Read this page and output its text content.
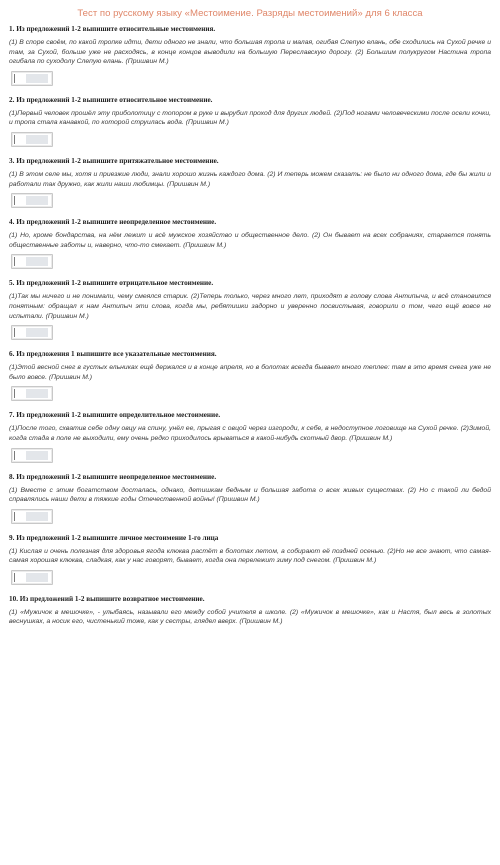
Тест по русскому языку «Местоимение. Разряды местоимений» для 6 класса
1. Из предложений 1-2 выпишите относительные местоимения.
(1) В споре своём, по какой тропке идти, дети одного не знали, что большая тропа и малая, огибая Слепую елань, обе сходились на Сухой речке и там, за Сухой, больше уже не расходясь, в конце концов выводили на большую Переславскую дорогу. (2) Большим полукругом Настина тропа огибала по суходолу Слепую елань. (Пришвин М.)
2. Из предложений 1-2 выпишите относительное местоимение.
(1)Первый человек прошёл эту приболотицу с топором в руке и вырубил проход для других людей. (2)Под ногами человеческими после осели кочки, и тропа стала канавкой, по которой струилась вода. (Пришвин М.)
3. Из предложений 1-2 выпишите притяжательное местоимение.
(1) В этом селе мы, хотя и приезжие люди, знали хорошо жизнь каждого дома. (2) И теперь можем сказать: не было ни одного дома, где бы жили и работали так дружно, как жили наши любимцы. (Пришвин М.)
4. Из предложений 1-2 выпишите неопределенное местоимение.
(1) Но, кроме бондарства, на нём лежит и всё мужское хозяйство и общественное дело. (2) Он бывает на всех собраниях, старается понять общественные заботы и, наверно, что-то смекает. (Пришвин М.)
5. Из предложений 1-2 выпишите отрицательное местоимение.
(1)Так мы ничего и не понимали, чему смеялся старик. (2)Теперь только, через много лет, приходят в голову слова Антипыча, и всё становится понятным: обращал к нам Антипыч эти слова, когда мы, ребятишки задорно и уверенно посвистывая, говорили о том, чего ещё вовсе не испытали. (Пришвин М.)
6. Из предложения 1 выпишите все указательные местоимения.
(1)Этой весной снег в густых ельниках ещё держался и в конце апреля, но в болотах всегда бывает много теплее: там в это время снега уже не было вовсе. (Пришвин М.)
7. Из предложений 1-2 выпишите определительное местоимение.
(1)После того, схватив себе одну овцу на спину, унёл ее, прыгая с овцой через изгороди, к себе, в недоступное логовище на Сухой речке. (2)Зимой, когда стада в поле не выходили, ему очень редко приходилось врываться в какой-нибудь скотный двор. (Пришвин М.)
8. Из предложений 1-2 выпишите неопределенное местоимение.
(1) Вместе с этим богатством досталась, однако, детишкам бедным и большая забота о всех живых существах. (2) Но с такой ли бедой справлялись наши дети в тяжкие годы Отечественной войны! (Пришвин М.)
9. Из предложений 1-2 выпишите личное местоимение 1-го лица
(1) Кислая и очень полезная для здоровья ягода клюква растёт в болотах летом, а собирают её поздней осенью. (2)Но не все знают, что самая-самая хорошая клюква, сладкая, как у нас говорят, бывает, когда она перележит зиму под снегом. (Пришвин М.)
10. Из предложений 1-2 выпишите возвратное местоимение.
(1) «Мужичок в мешочке», - улыбаясь, называли его между собой учителя в школе. (2) «Мужичок в мешочке», как и Настя, был весь в золотых веснушках, а носик его, чистенький тоже, как у сестры, глядел вверх. (Пришвин М.)
